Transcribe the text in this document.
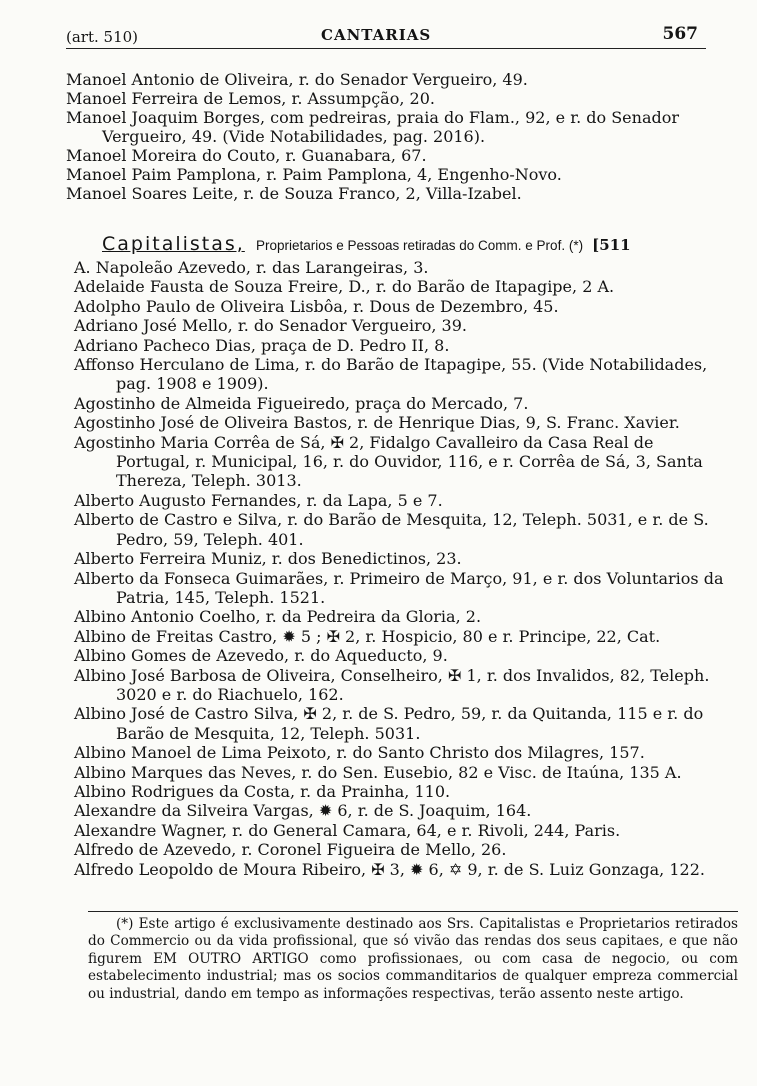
(art. 510)	CANTARIAS	567

Manoel Antonio de Oliveira, r. do Senador Vergueiro, 49.

Manoel Ferreira de Lemos, r. Assumpção, 20.

Manoel Joaquim Borges, com pedreiras, praia do Flam., 92, e r. do Senador Vergueiro, 49. (Vide Notabilidades, pag. 2016).

Manoel Moreira do Couto, r. Guanabara, 67.

Manoel Paim Pamplona, r. Paim Pamplona, 4, Engenho-Novo.

Manoel Soares Leite, r. de Souza Franco, 2, Villa-Izabel.

Capitalistas, Proprietarios e Pessoas retiradas do Comm. e Prof. (*) [511

A. Napoleão Azevedo, r. das Larangeiras, 3.

Adelaide Fausta de Souza Freire, D., r. do Barão de Itapagipe, 2 A.

Adolpho Paulo de Oliveira Lisbôa, r. Dous de Dezembro, 45.

Adriano José Mello, r. do Senador Vergueiro, 39.

Adriano Pacheco Dias, praça de D. Pedro II, 8.

Affonso Herculano de Lima, r. do Barão de Itapagipe, 55. (Vide Notabilidades, pag. 1908 e 1909).

Agostinho de Almeida Figueiredo, praça do Mercado, 7.

Agostinho José de Oliveira Bastos, r. de Henrique Dias, 9, S. Franc. Xavier.

Agostinho Maria Corrêa de Sá, ✠ 2, Fidalgo Cavalleiro da Casa Real de Portugal, r. Municipal, 16, r. do Ouvidor, 116, e r. Corrêa de Sá, 3, Santa Thereza, Teleph. 3013.

Alberto Augusto Fernandes, r. da Lapa, 5 e 7.

Alberto de Castro e Silva, r. do Barão de Mesquita, 12, Teleph. 5031, e r. de S. Pedro, 59, Teleph. 401.

Alberto Ferreira Muniz, r. dos Benedictinos, 23.

Alberto da Fonseca Guimarães, r. Primeiro de Março, 91, e r. dos Voluntarios da Patria, 145, Teleph. 1521.

Albino Antonio Coelho, r. da Pedreira da Gloria, 2.

Albino de Freitas Castro, ✹ 5 ; ✠ 2, r. Hospicio, 80 e r. Principe, 22, Cat.

Albino Gomes de Azevedo, r. do Aqueducto, 9.

Albino José Barbosa de Oliveira, Conselheiro, ✠ 1, r. dos Invalidos, 82, Teleph. 3020 e r. do Riachuelo, 162.

Albino José de Castro Silva, ✠ 2, r. de S. Pedro, 59, r. da Quitanda, 115 e r. do Barão de Mesquita, 12, Teleph. 5031.

Albino Manoel de Lima Peixoto, r. do Santo Christo dos Milagres, 157.

Albino Marques das Neves, r. do Sen. Eusebio, 82 e Visc. de Itaúna, 135 A.

Albino Rodrigues da Costa, r. da Prainha, 110.

Alexandre da Silveira Vargas, ✹ 6, r. de S. Joaquim, 164.

Alexandre Wagner, r. do General Camara, 64, e r. Rivoli, 244, Paris.

Alfredo de Azevedo, r. Coronel Figueira de Mello, 26.

Alfredo Leopoldo de Moura Ribeiro, ✠ 3, ✹ 6, ✡ 9, r. de S. Luiz Gonzaga, 122.

(*) Este artigo é exclusivamente destinado aos Srs. Capitalistas e Proprietarios retirados do Commercio ou da vida profissional, que só vivão das rendas dos seus capitaes, e que não figurem EM OUTRO ARTIGO como profissionaes, ou com casa de negocio, ou com estabelecimento industrial; mas os socios commanditarios de qualquer empreza commercial ou industrial, dando em tempo as informações respectivas, terão assento neste artigo.
